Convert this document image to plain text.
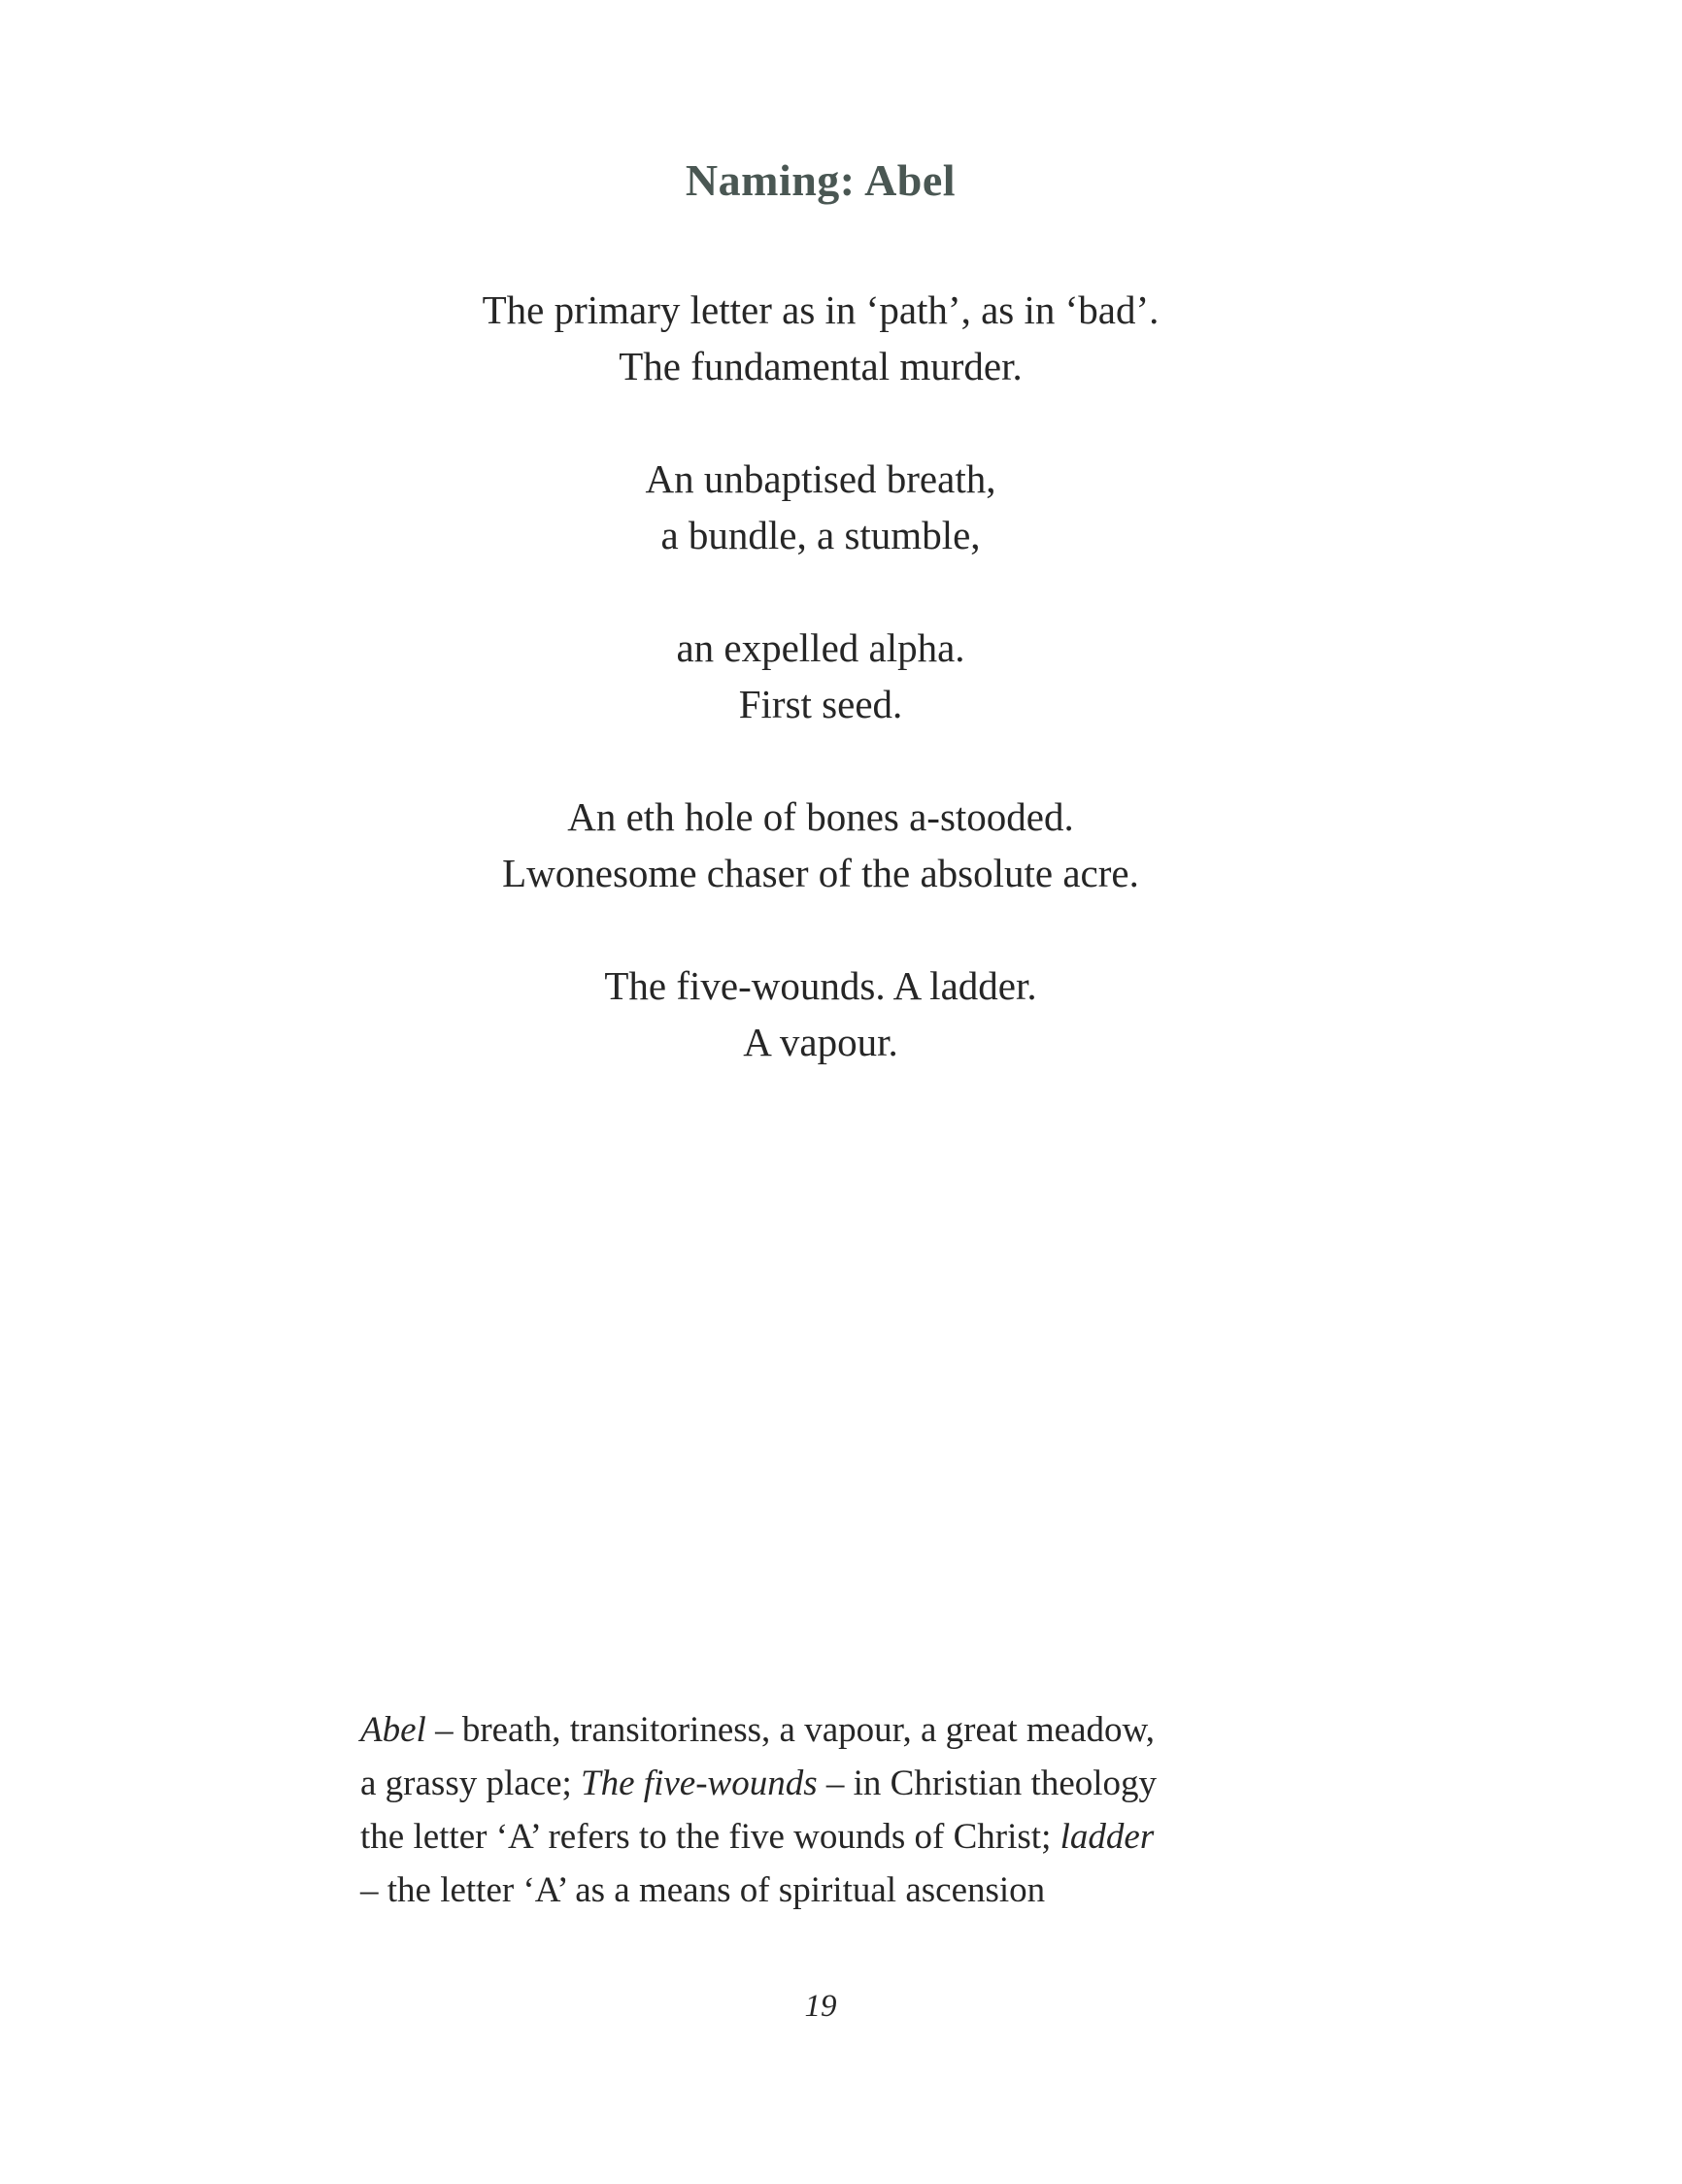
Naming: Abel

The primary letter as in ‘path’, as in ‘bad’.
The fundamental murder.

An unbaptised breath,
a bundle, a stumble,

an expelled alpha.
First seed.

An eth hole of bones a-stooded.
Lwonesome chaser of the absolute acre.

The five-wounds. A ladder.
A vapour.

Abel – breath, transitoriness, a vapour, a great meadow,
a grassy place; The five-wounds – in Christian theology
the letter ‘A’ refers to the five wounds of Christ; ladder
– the letter ‘A’ as a means of spiritual ascension
19
